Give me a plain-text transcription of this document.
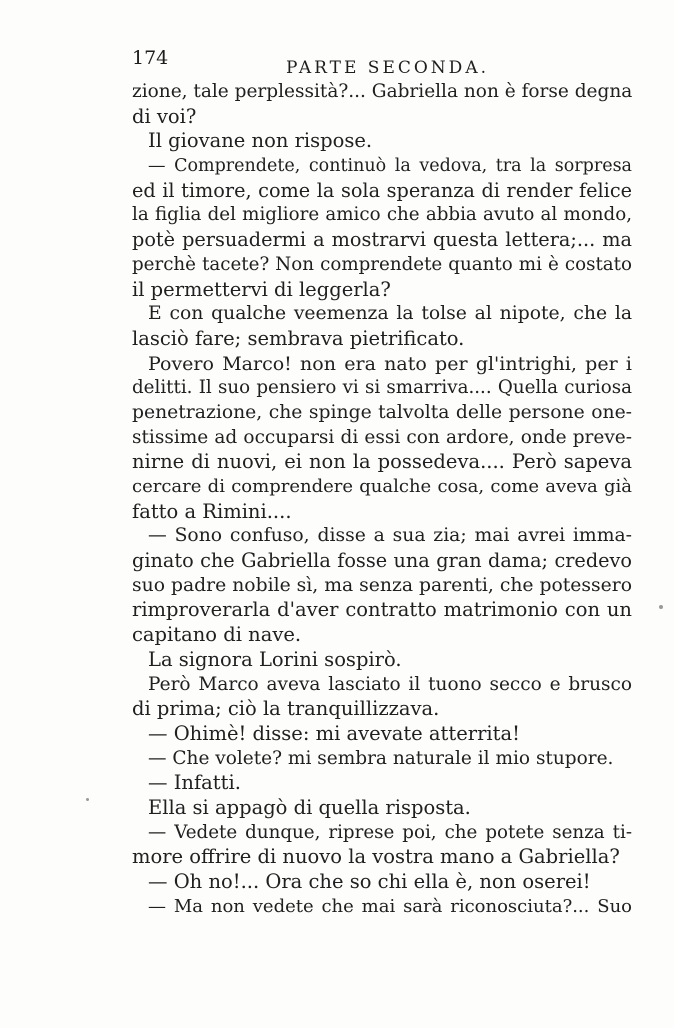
174	PARTE SECONDA.
zione, tale perplessità?... Gabriella non è forse degna
di voi?
Il giovane non rispose.
— Comprendete, continuò la vedova, tra la sorpresa
ed il timore, come la sola speranza di render felice
la figlia del migliore amico che abbia avuto al mondo,
potè persuadermi a mostrarvi questa lettera;... ma
perchè tacete? Non comprendete quanto mi è costato
il permettervi di leggerla?
E con qualche veemenza la tolse al nipote, che la
lasciò fare; sembrava pietrificato.
Povero Marco! non era nato per gl'intrighi, per i
delitti. Il suo pensiero vi si smarriva.... Quella curiosa
penetrazione, che spinge talvolta delle persone one-
stissime ad occuparsi di essi con ardore, onde preve-
nirne di nuovi, ei non la possedeva.... Però sapeva
cercare di comprendere qualche cosa, come aveva già
fatto a Rimini....
— Sono confuso, disse a sua zia; mai avrei imma-
ginato che Gabriella fosse una gran dama; credevo
suo padre nobile sì, ma senza parenti, che potessero
rimproverarla d'aver contratto matrimonio con un
capitano di nave.
La signora Lorini sospirò.
Però Marco aveva lasciato il tuono secco e brusco
di prima; ciò la tranquillizzava.
— Ohimè! disse: mi avevate atterrita!
— Che volete? mi sembra naturale il mio stupore.
— Infatti.
Ella si appagò di quella risposta.
— Vedete dunque, riprese poi, che potete senza ti-
more offrire di nuovo la vostra mano a Gabriella?
— Oh no!... Ora che so chi ella è, non oserei!
— Ma non vedete che mai sarà riconosciuta?... Suo
